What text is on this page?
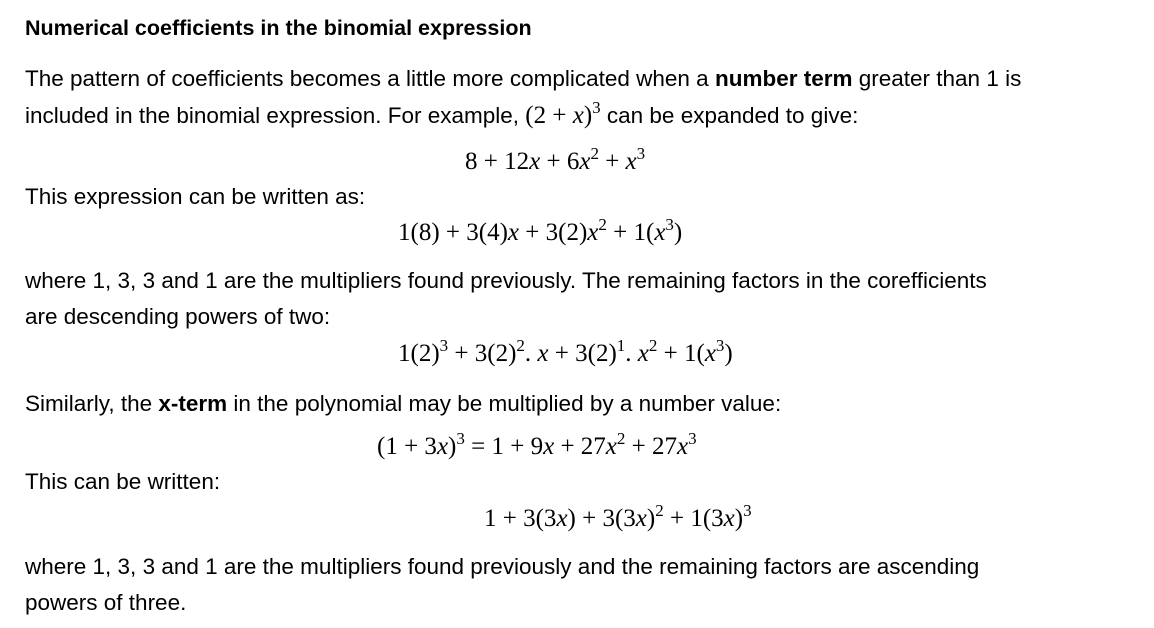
Numerical coefficients in the binomial expression
The pattern of coefficients becomes a little more complicated when a number term greater than 1 is
included in the binomial expression. For example, $(2 + x)^3$ can be expanded to give:
$8 + 12x + 6x^2 + x^3$
This expression can be written as:
$1(8) + 3(4)x + 3(2)x^2 + 1(x^3)$
where 1, 3, 3 and 1 are the multipliers found previously. The remaining factors in the corefficients
are descending powers of two:
$1(2)^3 + 3(2)^2$. $x + 3(2)^1$. $x^2 + 1(x^3)$
Similarly, the x-term in the polynomial may be multiplied by a number value:
$(1 + 3x)^3 = 1 + 9x + 27x^2 + 27x^3$
This can be written:
$1 + 3(3x) + 3(3x)^2 + 1(3x)^3$
where 1, 3, 3 and 1 are the multipliers found previously and the remaining factors are ascending
powers of three.
